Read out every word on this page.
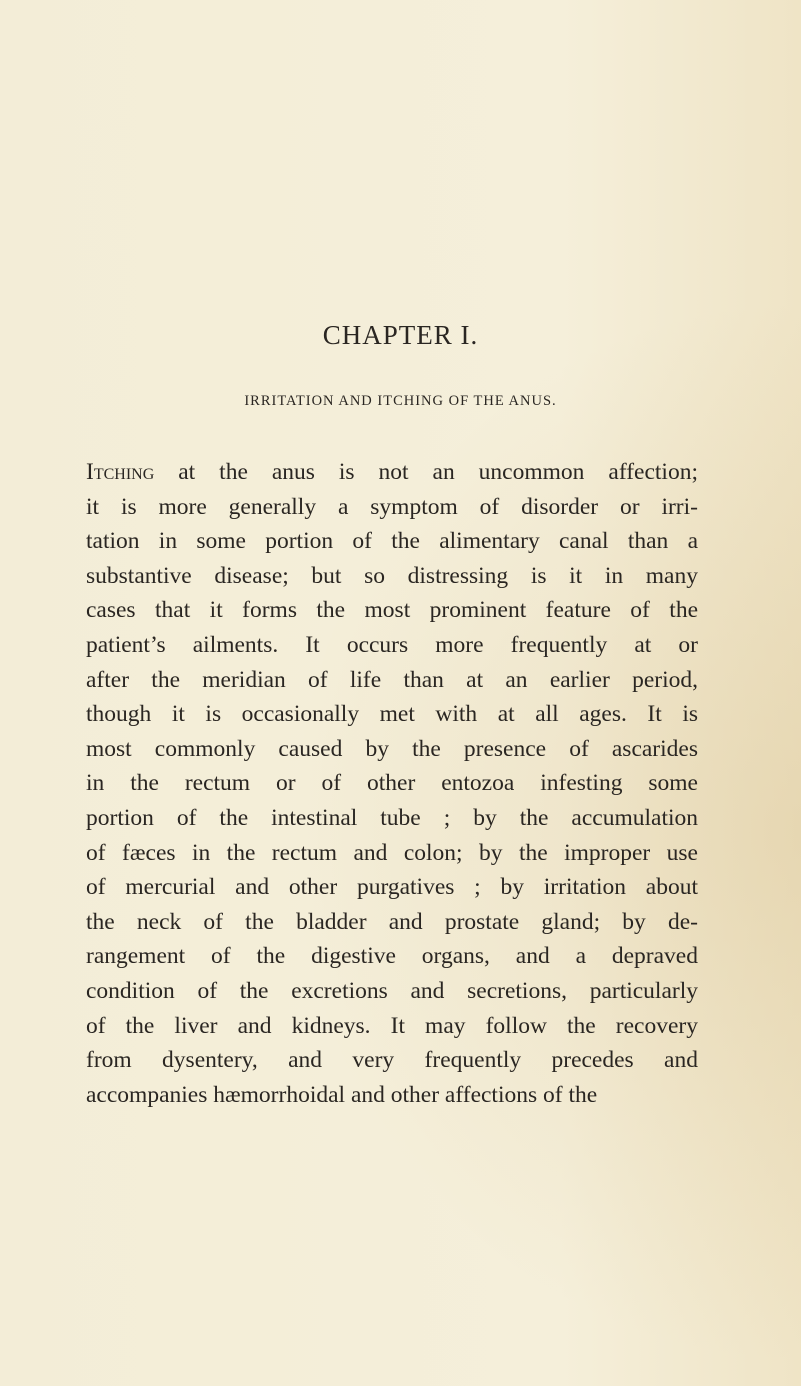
CHAPTER I.
IRRITATION AND ITCHING OF THE ANUS.
Itching at the anus is not an uncommon affection;
it is more generally a symptom of disorder or irri-
tation in some portion of the alimentary canal than a
substantive disease; but so distressing is it in many
cases that it forms the most prominent feature of the
patient’s ailments. It occurs more frequently at or
after the meridian of life than at an earlier period,
though it is occasionally met with at all ages. It is
most commonly caused by the presence of ascarides
in the rectum or of other entozoa infesting some
portion of the intestinal tube ; by the accumulation
of fæces in the rectum and colon; by the improper use
of mercurial and other purgatives ; by irritation about
the neck of the bladder and prostate gland; by de-
rangement of the digestive organs, and a depraved
condition of the excretions and secretions, particularly
of the liver and kidneys. It may follow the recovery
from dysentery, and very frequently precedes and
accompanies hæmorrhoidal and other affections of the
